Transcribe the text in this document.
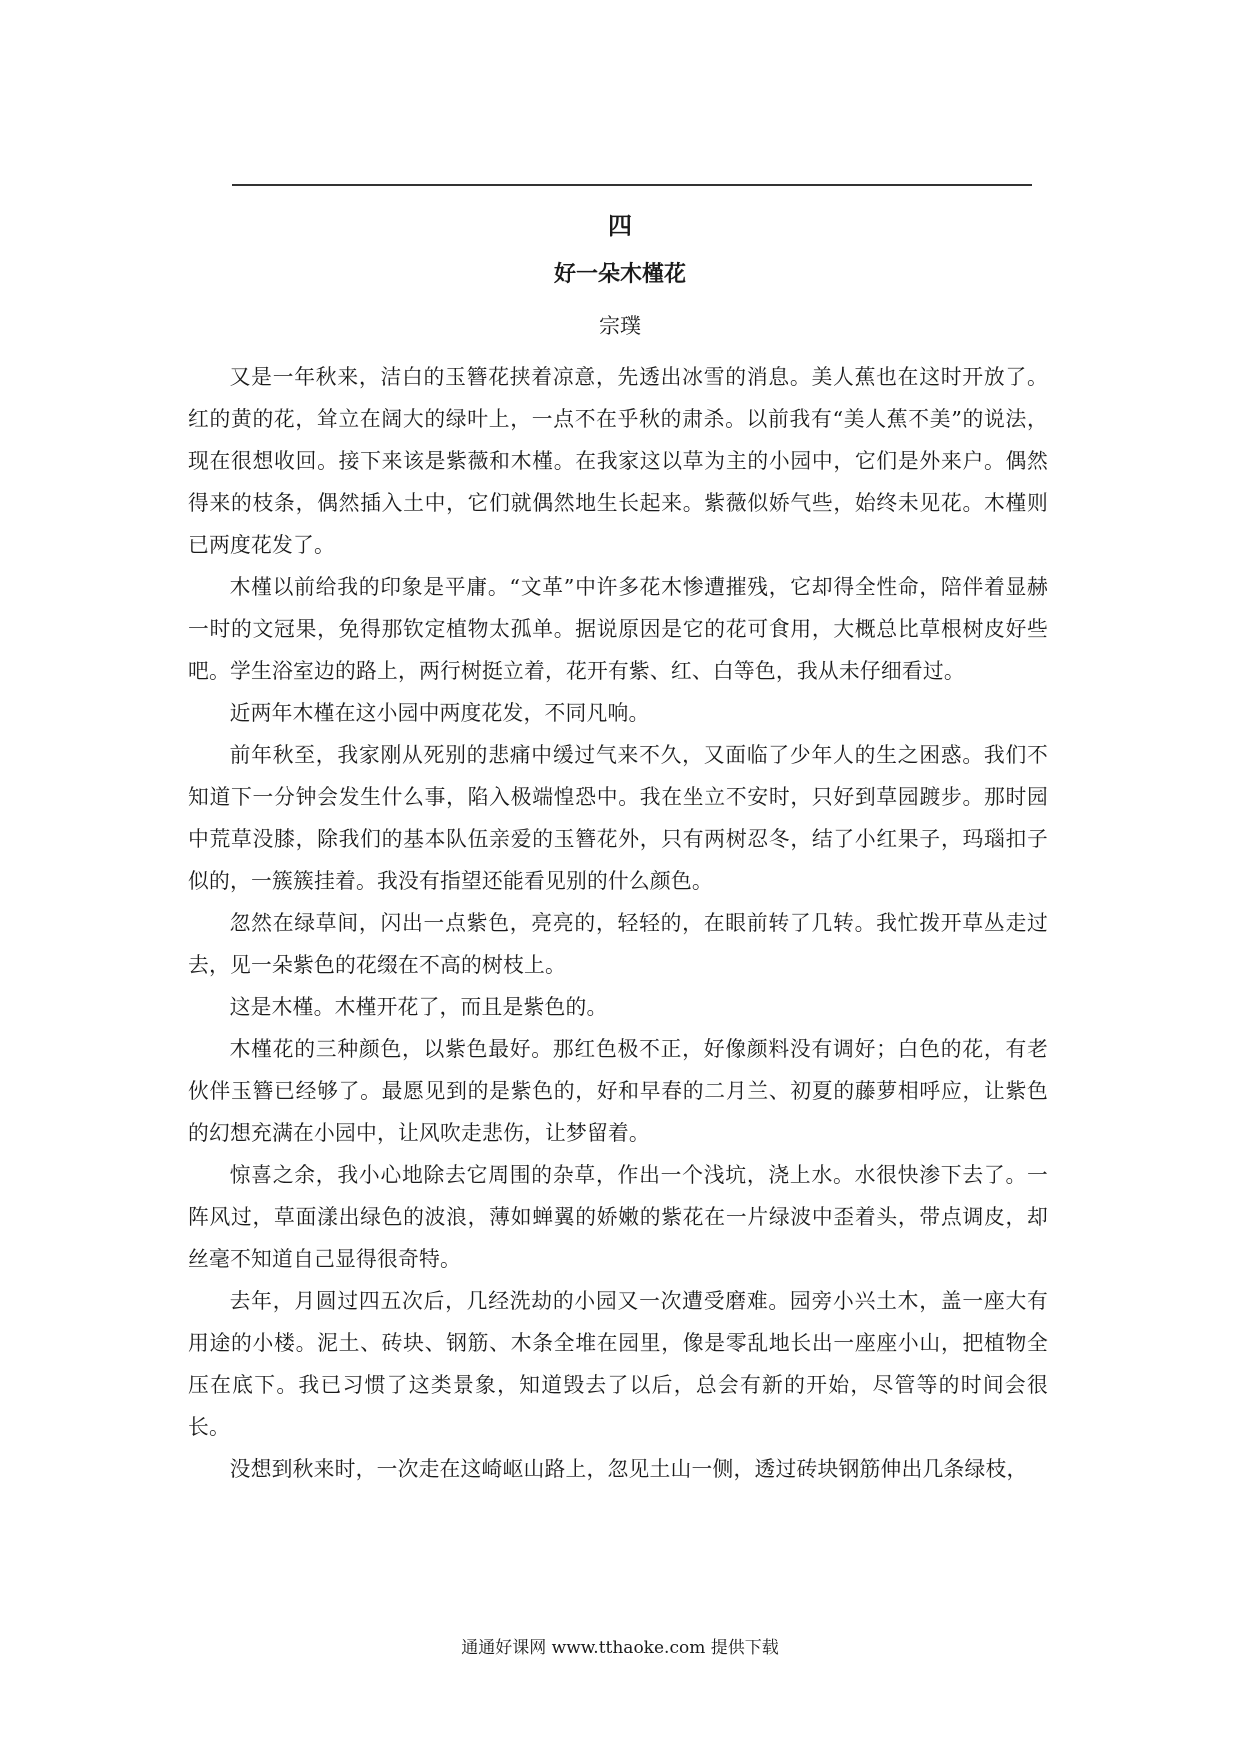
四
好一朵木槿花
宗璞

又是一年秋来，洁白的玉簪花挟着凉意，先透出冰雪的消息。美人蕉也在这时开放了。红的黄的花，耸立在阔大的绿叶上，一点不在乎秋的肃杀。以前我有“美人蕉不美”的说法，现在很想收回。接下来该是紫薇和木槿。在我家这以草为主的小园中，它们是外来户。偶然得来的枝条，偶然插入土中，它们就偶然地生长起来。紫薇似娇气些，始终未见花。木槿则已两度花发了。

木槿以前给我的印象是平庸。“文革”中许多花木惨遭摧残，它却得全性命，陪伴着显赫一时的文冠果，免得那钦定植物太孤单。据说原因是它的花可食用，大概总比草根树皮好些吧。学生浴室边的路上，两行树挺立着，花开有紫、红、白等色，我从未仔细看过。

近两年木槿在这小园中两度花发，不同凡响。

前年秋至，我家刚从死别的悲痛中缓过气来不久，又面临了少年人的生之困惑。我们不知道下一分钟会发生什么事，陷入极端惶恐中。我在坐立不安时，只好到草园踱步。那时园中荒草没膝，除我们的基本队伍亲爱的玉簪花外，只有两树忍冬，结了小红果子，玛瑙扣子似的，一簇簇挂着。我没有指望还能看见别的什么颜色。

忽然在绿草间，闪出一点紫色，亮亮的，轻轻的，在眼前转了几转。我忙拨开草丛走过去，见一朵紫色的花缀在不高的树枝上。

这是木槿。木槿开花了，而且是紫色的。

木槿花的三种颜色，以紫色最好。那红色极不正，好像颜料没有调好；白色的花，有老伙伴玉簪已经够了。最愿见到的是紫色的，好和早春的二月兰、初夏的藤萝相呼应，让紫色的幻想充满在小园中，让风吹走悲伤，让梦留着。

惊喜之余，我小心地除去它周围的杂草，作出一个浅坑，浇上水。水很快渗下去了。一阵风过，草面漾出绿色的波浪，薄如蝉翼的娇嫩的紫花在一片绿波中歪着头，带点调皮，却丝毫不知道自己显得很奇特。

去年，月圆过四五次后，几经洗劫的小园又一次遭受磨难。园旁小兴土木，盖一座大有用途的小楼。泥土、砖块、钢筋、木条全堆在园里，像是零乱地长出一座座小山，把植物全压在底下。我已习惯了这类景象，知道毁去了以后，总会有新的开始，尽管等的时间会很长。

没想到秋来时，一次走在这崎岖山路上，忽见土山一侧，透过砖块钢筋伸出几条绿枝，

通通好课网 www.tthaoke.com 提供下载
